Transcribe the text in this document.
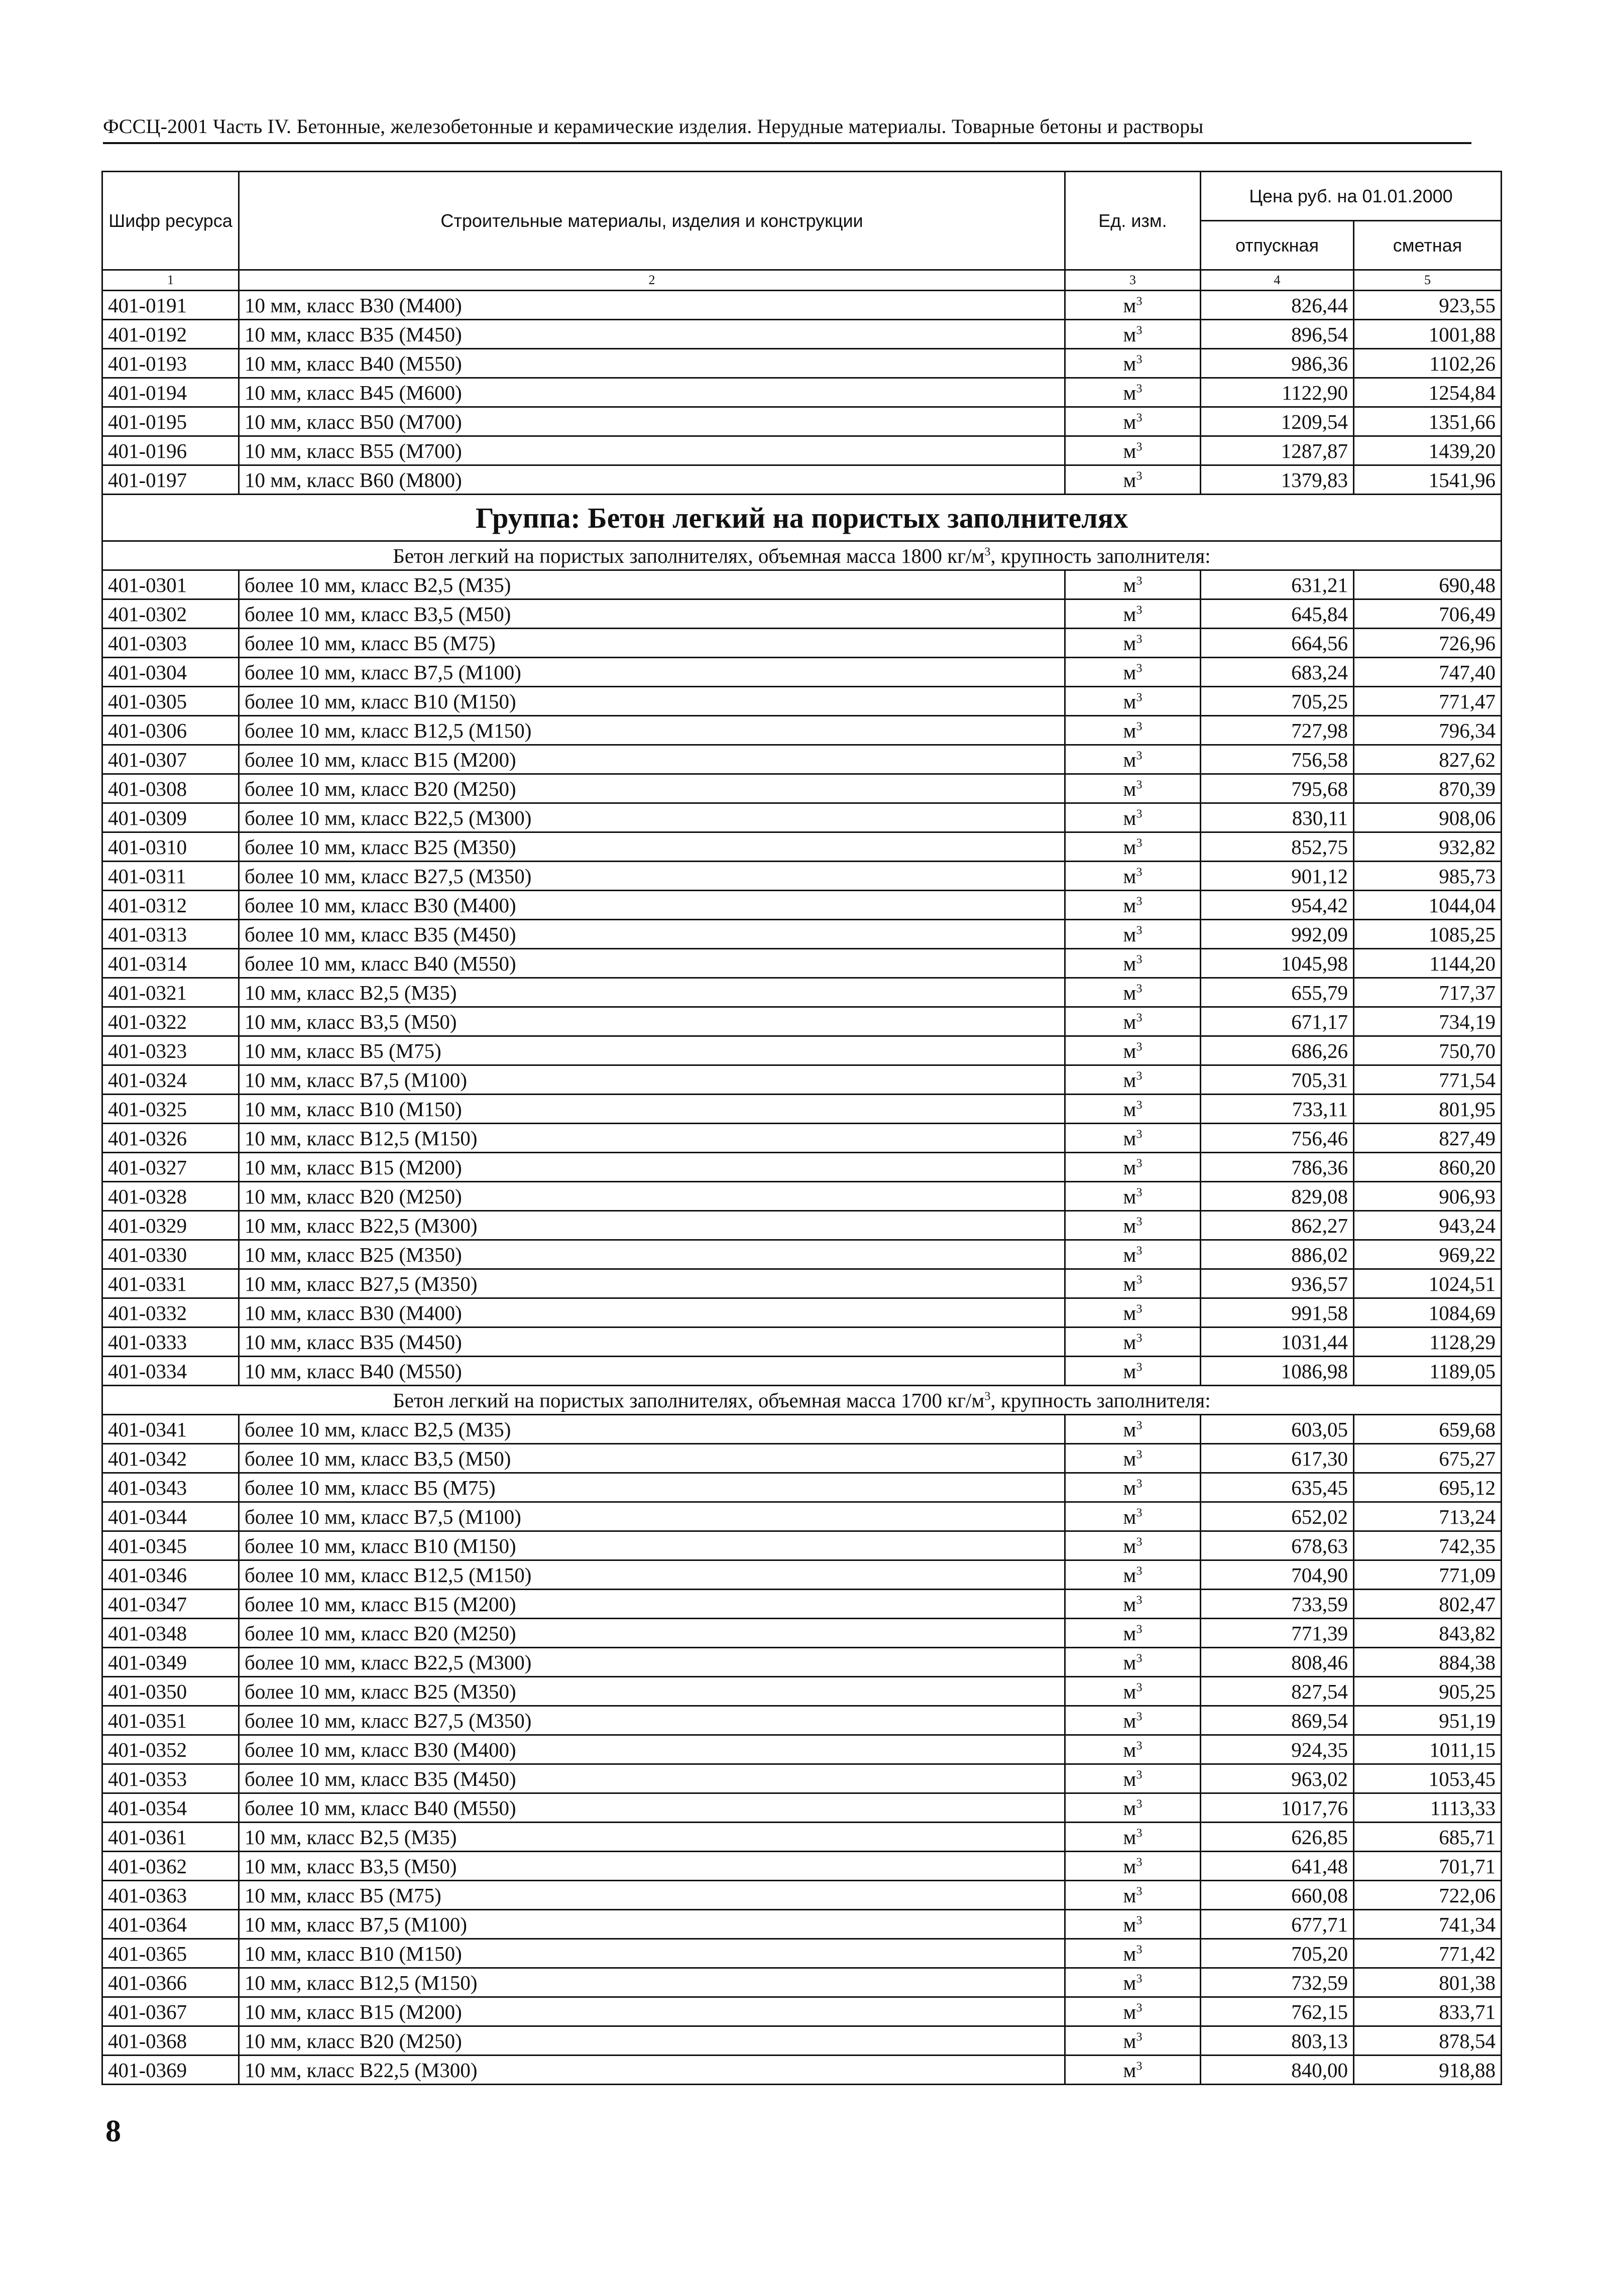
ФССЦ-2001 Часть IV. Бетонные, железобетонные и керамические изделия. Нерудные материалы. Товарные бетоны и растворы
Шифр ресурса	Строительные материалы, изделия и конструкции	Ед. изм.	Цена руб. на 01.01.2000	
			отпускная	сметная
1	2	3	4	5
401-0191	10 мм, класс В30 (М400)	$м^3$	826,44	923,55
401-0192	10 мм, класс В35 (М450)	$м^3$	896,54	1001,88
401-0193	10 мм, класс В40 (М550)	$м^3$	986,36	1102,26
401-0194	10 мм, класс В45 (М600)	$м^3$	1122,90	1254,84
401-0195	10 мм, класс В50 (М700)	$м^3$	1209,54	1351,66
401-0196	10 мм, класс В55 (М700)	$м^3$	1287,87	1439,20
401-0197	10 мм, класс В60 (М800)	$м^3$	1379,83	1541,96
Группа: Бетон легкий на пористых заполнителях				
Бетон легкий на пористых заполнителях, объемная масса 1800 $кг/м^3$, крупность заполнителя:				
401-0301	более 10 мм, класс В2,5 (М35)	$м^3$	631,21	690,48
401-0302	более 10 мм, класс В3,5 (М50)	$м^3$	645,84	706,49
401-0303	более 10 мм, класс В5 (М75)	$м^3$	664,56	726,96
401-0304	более 10 мм, класс В7,5 (М100)	$м^3$	683,24	747,40
401-0305	более 10 мм, класс В10 (М150)	$м^3$	705,25	771,47
401-0306	более 10 мм, класс В12,5 (М150)	$м^3$	727,98	796,34
401-0307	более 10 мм, класс В15 (М200)	$м^3$	756,58	827,62
401-0308	более 10 мм, класс В20 (М250)	$м^3$	795,68	870,39
401-0309	более 10 мм, класс В22,5 (М300)	$м^3$	830,11	908,06
401-0310	более 10 мм, класс В25 (М350)	$м^3$	852,75	932,82
401-0311	более 10 мм, класс В27,5 (М350)	$м^3$	901,12	985,73
401-0312	более 10 мм, класс В30 (М400)	$м^3$	954,42	1044,04
401-0313	более 10 мм, класс В35 (М450)	$м^3$	992,09	1085,25
401-0314	более 10 мм, класс В40 (М550)	$м^3$	1045,98	1144,20
401-0321	10 мм, класс В2,5 (М35)	$м^3$	655,79	717,37
401-0322	10 мм, класс В3,5 (М50)	$м^3$	671,17	734,19
401-0323	10 мм, класс В5 (М75)	$м^3$	686,26	750,70
401-0324	10 мм, класс В7,5 (М100)	$м^3$	705,31	771,54
401-0325	10 мм, класс В10 (М150)	$м^3$	733,11	801,95
401-0326	10 мм, класс В12,5 (М150)	$м^3$	756,46	827,49
401-0327	10 мм, класс В15 (М200)	$м^3$	786,36	860,20
401-0328	10 мм, класс В20 (М250)	$м^3$	829,08	906,93
401-0329	10 мм, класс В22,5 (М300)	$м^3$	862,27	943,24
401-0330	10 мм, класс В25 (М350)	$м^3$	886,02	969,22
401-0331	10 мм, класс В27,5 (М350)	$м^3$	936,57	1024,51
401-0332	10 мм, класс В30 (М400)	$м^3$	991,58	1084,69
401-0333	10 мм, класс В35 (М450)	$м^3$	1031,44	1128,29
401-0334	10 мм, класс В40 (М550)	$м^3$	1086,98	1189,05
Бетон легкий на пористых заполнителях, объемная масса 1700 $кг/м^3$, крупность заполнителя:				
401-0341	более 10 мм, класс В2,5 (М35)	$м^3$	603,05	659,68
401-0342	более 10 мм, класс В3,5 (М50)	$м^3$	617,30	675,27
401-0343	более 10 мм, класс В5 (М75)	$м^3$	635,45	695,12
401-0344	более 10 мм, класс В7,5 (М100)	$м^3$	652,02	713,24
401-0345	более 10 мм, класс В10 (М150)	$м^3$	678,63	742,35
401-0346	более 10 мм, класс В12,5 (М150)	$м^3$	704,90	771,09
401-0347	более 10 мм, класс В15 (М200)	$м^3$	733,59	802,47
401-0348	более 10 мм, класс В20 (М250)	$м^3$	771,39	843,82
401-0349	более 10 мм, класс В22,5 (М300)	$м^3$	808,46	884,38
401-0350	более 10 мм, класс В25 (М350)	$м^3$	827,54	905,25
401-0351	более 10 мм, класс В27,5 (М350)	$м^3$	869,54	951,19
401-0352	более 10 мм, класс В30 (М400)	$м^3$	924,35	1011,15
401-0353	более 10 мм, класс В35 (М450)	$м^3$	963,02	1053,45
401-0354	более 10 мм, класс В40 (М550)	$м^3$	1017,76	1113,33
401-0361	10 мм, класс В2,5 (М35)	$м^3$	626,85	685,71
401-0362	10 мм, класс В3,5 (М50)	$м^3$	641,48	701,71
401-0363	10 мм, класс В5 (М75)	$м^3$	660,08	722,06
401-0364	10 мм, класс В7,5 (М100)	$м^3$	677,71	741,34
401-0365	10 мм, класс В10 (М150)	$м^3$	705,20	771,42
401-0366	10 мм, класс В12,5 (М150)	$м^3$	732,59	801,38
401-0367	10 мм, класс В15 (М200)	$м^3$	762,15	833,71
401-0368	10 мм, класс В20 (М250)	$м^3$	803,13	878,54
401-0369	10 мм, класс В22,5 (М300)	$м^3$	840,00	918,88
8
